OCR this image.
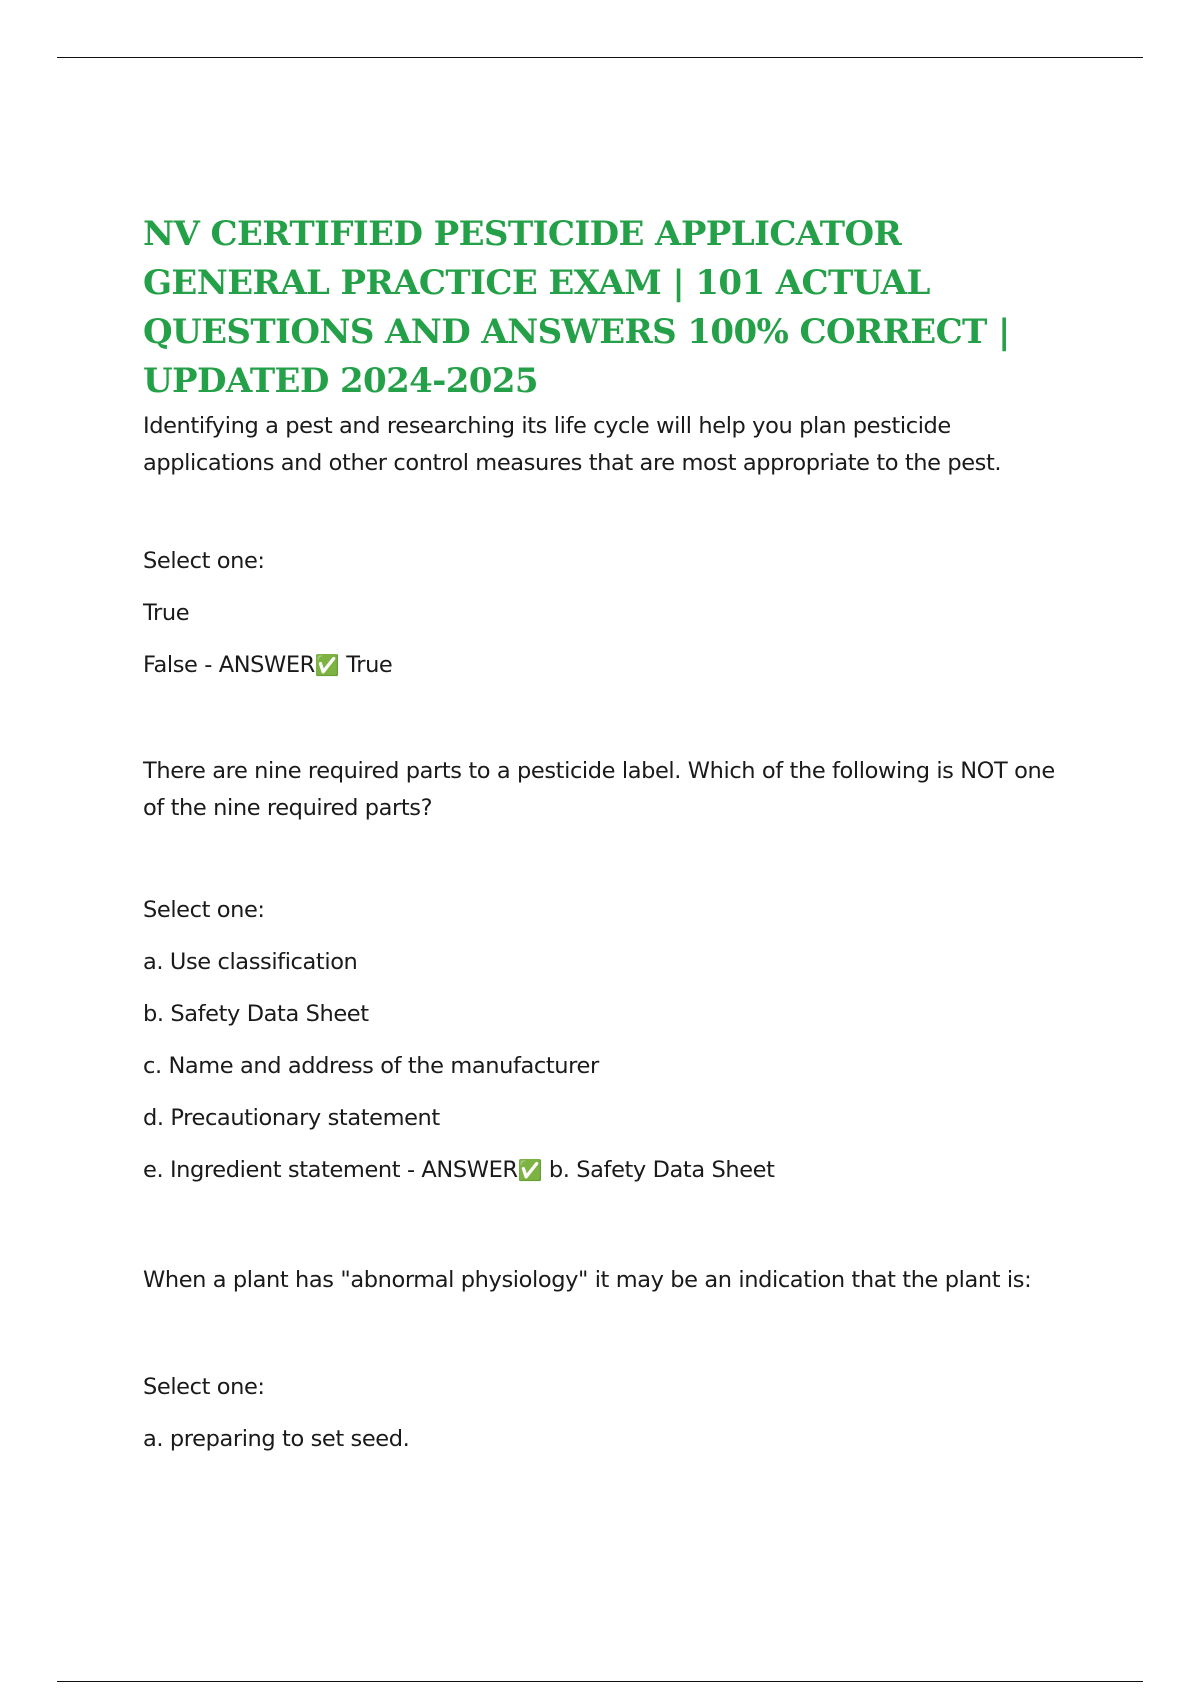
NV CERTIFIED PESTICIDE APPLICATOR GENERAL PRACTICE EXAM | 101 ACTUAL QUESTIONS AND ANSWERS 100% CORRECT | UPDATED 2024-2025

Identifying a pest and researching its life cycle will help you plan pesticide applications and other control measures that are most appropriate to the pest.

Select one:

True

False - ANSWER✅ True

There are nine required parts to a pesticide label. Which of the following is NOT one of the nine required parts?

Select one:

a. Use classification

b. Safety Data Sheet

c. Name and address of the manufacturer

d. Precautionary statement

e. Ingredient statement - ANSWER✅ b. Safety Data Sheet

When a plant has "abnormal physiology" it may be an indication that the plant is:

Select one:

a. preparing to set seed.
